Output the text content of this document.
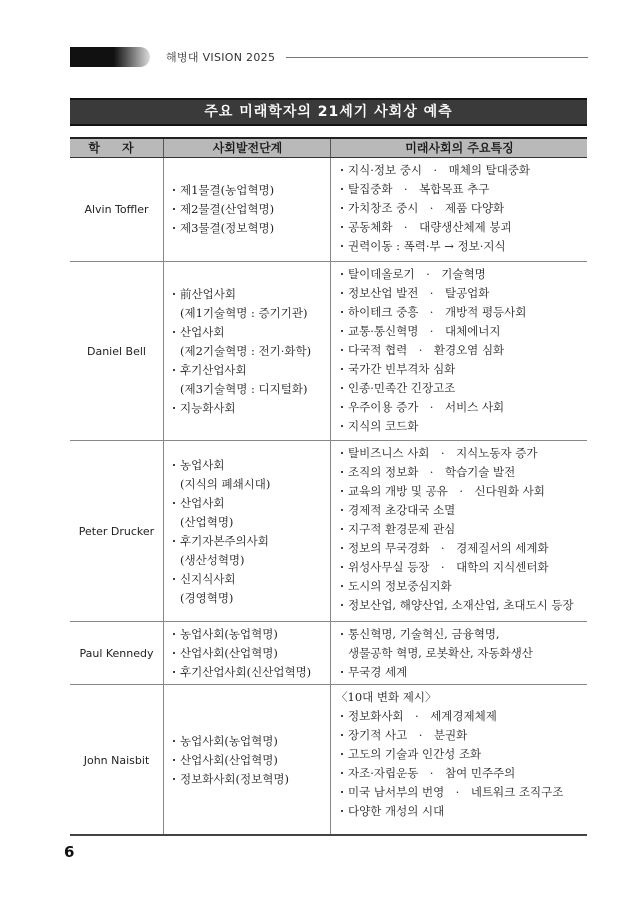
해병대 VISION 2025
주요 미래학자의 21세기 사회상 예측
학자	사회발전단계	미래사회의 주요특징
Alvin Toffler
· 제1물결(농업혁명)
· 제2물결(산업혁명)
· 제3물결(정보혁명)
· 지식·정보 중시　·　매체의 탈대중화
· 탈집중화　·　복합목표 추구
· 가치창조 중시　·　제품 다양화
· 공동체화　·　대량생산체제 붕괴
· 권력이동 : 폭력·부 → 정보·지식
Daniel Bell
· 前산업사회
(제1기술혁명 : 증기기관)
· 산업사회
(제2기술혁명 : 전기·화학)
· 후기산업사회
(제3기술혁명 : 디지털화)
· 지능화사회
· 탈이데올로기　·　기술혁명
· 정보산업 발전　·　탈공업화
· 하이테크 중흥　·　개방적 평등사회
· 교통·통신혁명　·　대체에너지
· 다국적 협력　·　환경오염 심화
· 국가간 빈부격차 심화
· 인종·민족간 긴장고조
· 우주이용 증가　·　서비스 사회
· 지식의 코드화
Peter Drucker
· 농업사회
(지식의 폐쇄시대)
· 산업사회
(산업혁명)
· 후기자본주의사회
(생산성혁명)
· 신지식사회
(경영혁명)
· 탈비즈니스 사회　·　지식노동자 증가
· 조직의 정보화　·　학습기술 발전
· 교육의 개방 및 공유　·　신다원화 사회
· 경제적 초강대국 소멸
· 지구적 환경문제 관심
· 정보의 무국경화　·　경제질서의 세계화
· 위성사무실 등장　·　대학의 지식센터화
· 도시의 정보중심지화
· 정보산업, 해양산업, 소재산업, 초대도시 등장
Paul Kennedy
· 농업사회(농업혁명)
· 산업사회(산업혁명)
· 후기산업사회(신산업혁명)
· 통신혁명, 기술혁신, 금융혁명,
생물공학 혁명, 로봇확산, 자동화생산
· 무국경 세계
John Naisbit
· 농업사회(농업혁명)
· 산업사회(산업혁명)
· 정보화사회(정보혁명)
〈10대 변화 제시〉
· 정보화사회　·　세계경제체제
· 장기적 사고　·　분권화
· 고도의 기술과 인간성 조화
· 자조·자립운동　·　참여 민주주의
· 미국 남서부의 번영　·　네트워크 조직구조
· 다양한 개성의 시대
6
